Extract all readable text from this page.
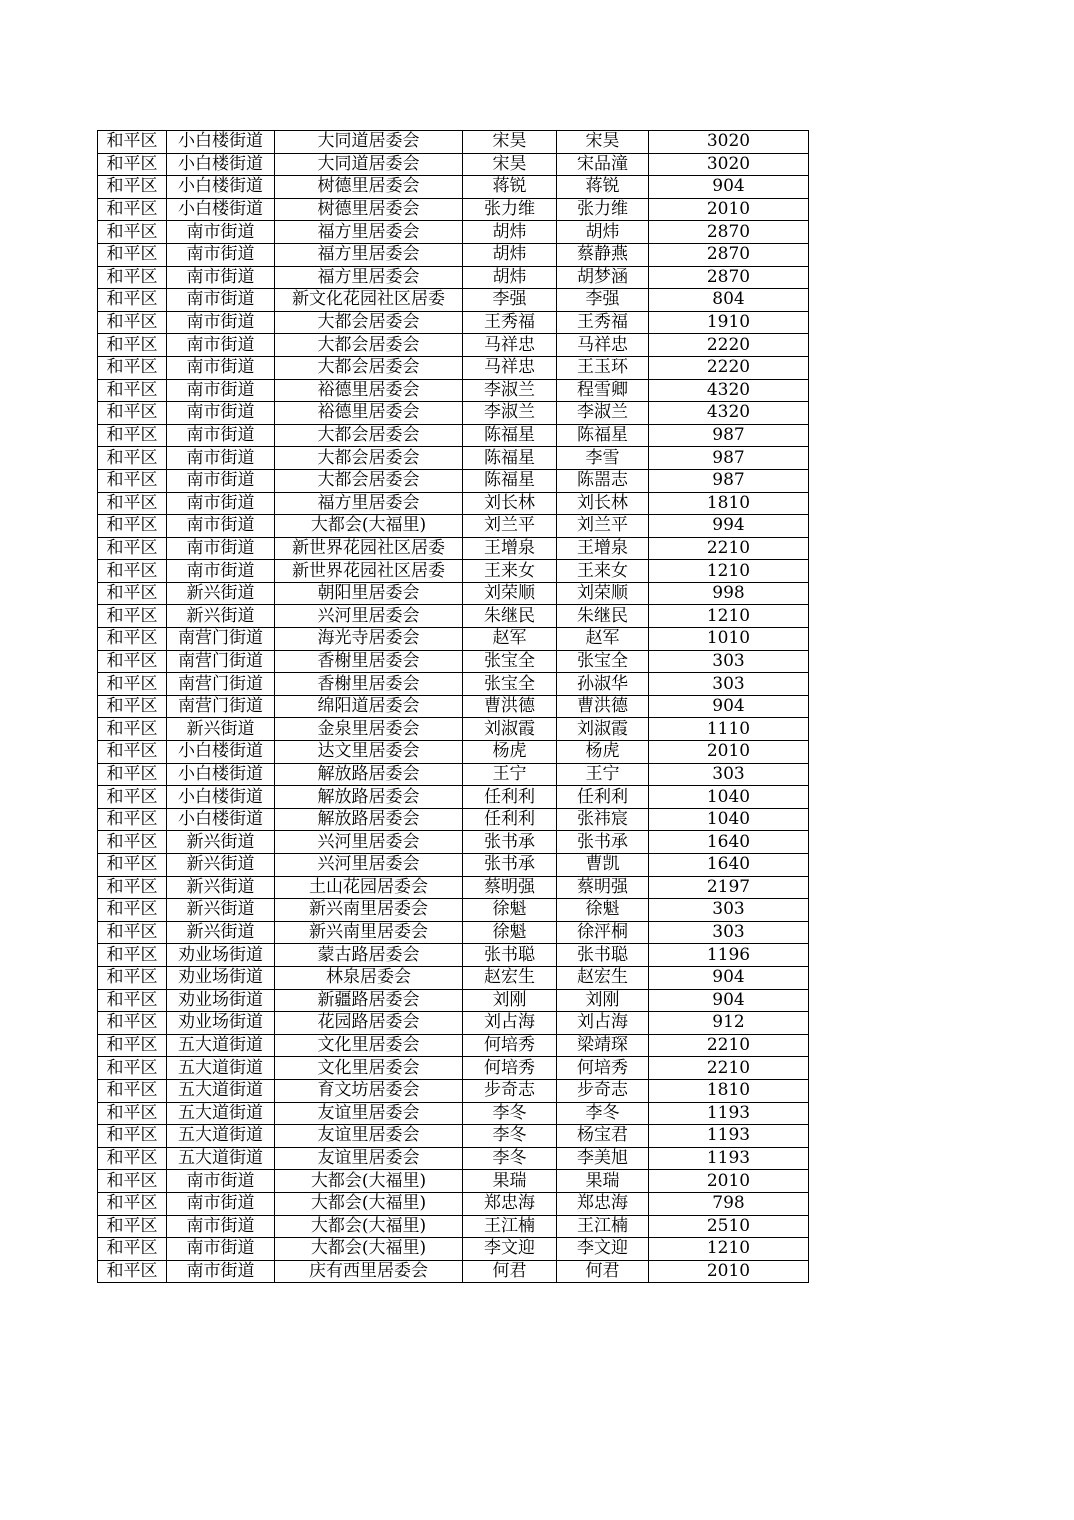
和平区	小白楼街道	大同道居委会	宋昊	宋昊	3020
和平区	小白楼街道	大同道居委会	宋昊	宋品潼	3020
和平区	小白楼街道	树德里居委会	蒋锐	蒋锐	904
和平区	小白楼街道	树德里居委会	张力维	张力维	2010
和平区	南市街道	福方里居委会	胡炜	胡炜	2870
和平区	南市街道	福方里居委会	胡炜	蔡静燕	2870
和平区	南市街道	福方里居委会	胡炜	胡梦涵	2870
和平区	南市街道	新文化花园社区居委	李强	李强	804
和平区	南市街道	大都会居委会	王秀福	王秀福	1910
和平区	南市街道	大都会居委会	马祥忠	马祥忠	2220
和平区	南市街道	大都会居委会	马祥忠	王玉环	2220
和平区	南市街道	裕德里居委会	李淑兰	程雪卿	4320
和平区	南市街道	裕德里居委会	李淑兰	李淑兰	4320
和平区	南市街道	大都会居委会	陈福星	陈福星	987
和平区	南市街道	大都会居委会	陈福星	李雪	987
和平区	南市街道	大都会居委会	陈福星	陈噐志	987
和平区	南市街道	福方里居委会	刘长林	刘长林	1810
和平区	南市街道	大都会(大福里)	刘兰平	刘兰平	994
和平区	南市街道	新世界花园社区居委	王增泉	王增泉	2210
和平区	南市街道	新世界花园社区居委	王来女	王来女	1210
和平区	新兴街道	朝阳里居委会	刘荣顺	刘荣顺	998
和平区	新兴街道	兴河里居委会	朱继民	朱继民	1210
和平区	南营门街道	海光寺居委会	赵军	赵军	1010
和平区	南营门街道	香榭里居委会	张宝全	张宝全	303
和平区	南营门街道	香榭里居委会	张宝全	孙淑华	303
和平区	南营门街道	绵阳道居委会	曹洪德	曹洪德	904
和平区	新兴街道	金泉里居委会	刘淑霞	刘淑霞	1110
和平区	小白楼街道	达文里居委会	杨虎	杨虎	2010
和平区	小白楼街道	解放路居委会	王宁	王宁	303
和平区	小白楼街道	解放路居委会	任利利	任利利	1040
和平区	小白楼街道	解放路居委会	任利利	张祎宸	1040
和平区	新兴街道	兴河里居委会	张书承	张书承	1640
和平区	新兴街道	兴河里居委会	张书承	曹凯	1640
和平区	新兴街道	土山花园居委会	蔡明强	蔡明强	2197
和平区	新兴街道	新兴南里居委会	徐魁	徐魁	303
和平区	新兴街道	新兴南里居委会	徐魁	徐泙桐	303
和平区	劝业场街道	蒙古路居委会	张书聪	张书聪	1196
和平区	劝业场街道	林泉居委会	赵宏生	赵宏生	904
和平区	劝业场街道	新疆路居委会	刘刚	刘刚	904
和平区	劝业场街道	花园路居委会	刘占海	刘占海	912
和平区	五大道街道	文化里居委会	何培秀	梁靖琛	2210
和平区	五大道街道	文化里居委会	何培秀	何培秀	2210
和平区	五大道街道	育文坊居委会	步奇志	步奇志	1810
和平区	五大道街道	友谊里居委会	李冬	李冬	1193
和平区	五大道街道	友谊里居委会	李冬	杨宝君	1193
和平区	五大道街道	友谊里居委会	李冬	李美旭	1193
和平区	南市街道	大都会(大福里)	果瑞	果瑞	2010
和平区	南市街道	大都会(大福里)	郑忠海	郑忠海	798
和平区	南市街道	大都会(大福里)	王江楠	王江楠	2510
和平区	南市街道	大都会(大福里)	李文迎	李文迎	1210
和平区	南市街道	庆有西里居委会	何君	何君	2010
